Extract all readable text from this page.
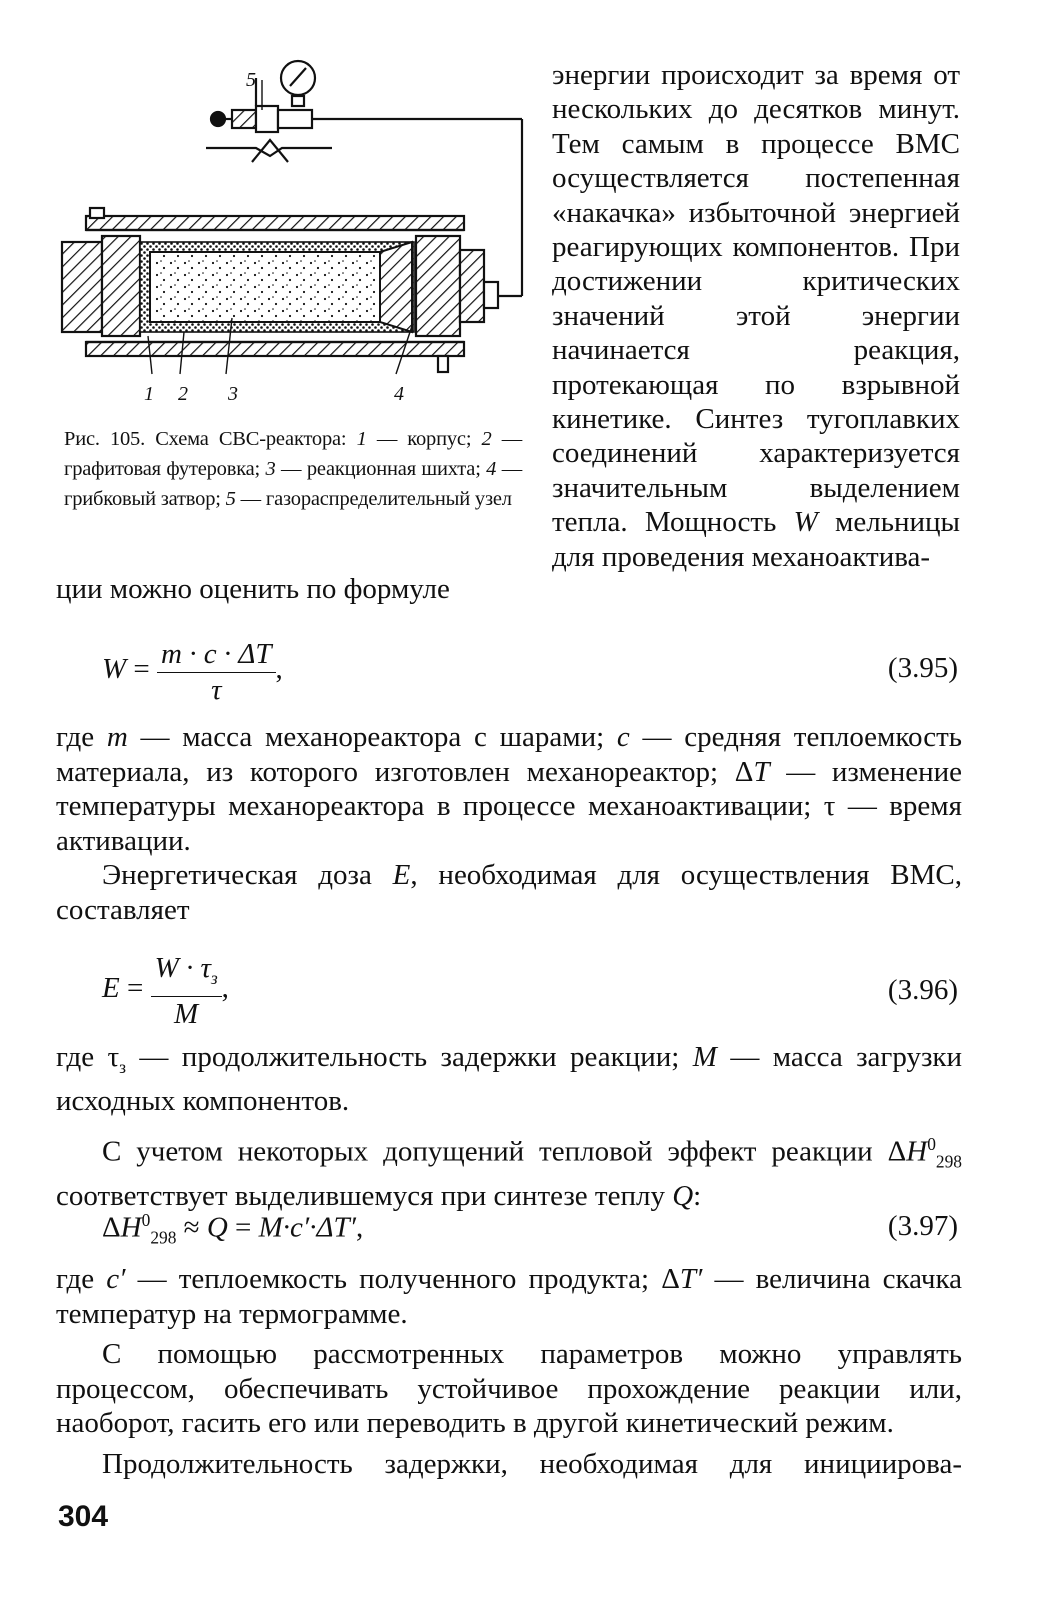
1 2 3	4
5
Рис. 105. Схема СВС-реактора: 1 — корпус; 2 — графитовая футеровка; 3 — реакционная шихта; 4 — грибковый затвор; 5 — газораспределительный узел

энергии происходит за время от нескольких до десятков минут. Тем самым в процессе ВМС осуществляется постепенная «накачка» избыточной энергией реагирующих компонентов. При достижении критических значений этой энергии начинается реакция, протекающая по взрывной кинетике. Синтез тугоплавких соединений характеризуется значительным выделением тепла. Мощность W мельницы для проведения механоактива-

ции можно оценить по формуле

$W = \frac{m \cdot c \cdot \Delta T}{\tau}$ ,	(3.95)

где m — масса механореактора с шарами; c — средняя теплоемкость материала, из которого изготовлен механореактор; ΔT — изменение температуры механореактора в процессе механоактивации; τ — время активации.

Энергетическая доза E, необходимая для осуществления ВМС, составляет

$E = \frac{W \cdot \tau_з}{M}$ ,	(3.96)

где $\tau_з$ — продолжительность задержки реакции; M — масса загрузки исходных компонентов.

С учетом некоторых допущений тепловой эффект реакции $\Delta H^0_{298}$ соответствует выделившемуся при синтезе теплу Q:

$\Delta H^0_{298} \approx Q = M\cdot c'\cdot\Delta T'$,	(3.97)

где c′ — теплоемкость полученного продукта; ΔT′ — величина скачка температур на термограмме.

С помощью рассмотренных параметров можно управлять процессом, обеспечивать устойчивое прохождение реакции или, наоборот, гасить его или переводить в другой кинетический режим.

Продолжительность задержки, необходимая для инициирова-

304
